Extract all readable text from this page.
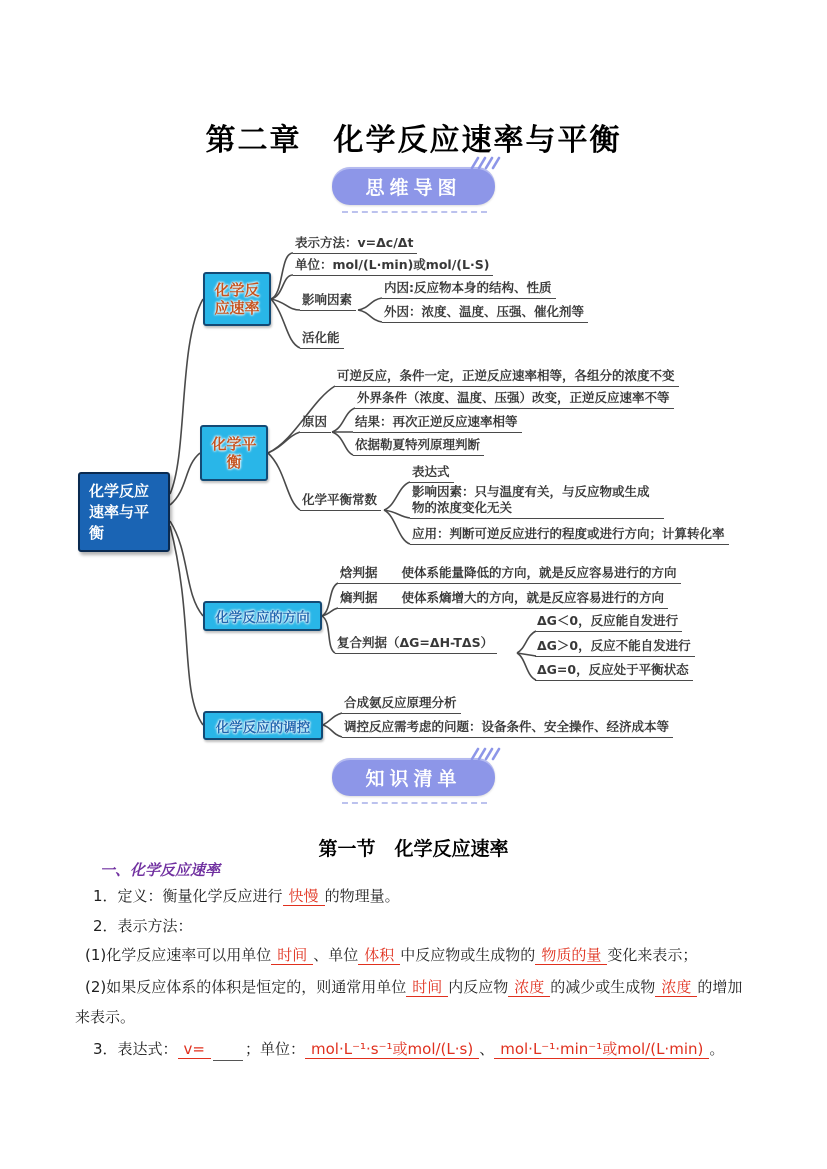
第二章　化学反应速率与平衡
思维导图
化学反应速率与平衡
化学反应速率
化学平衡
化学反应的方向
化学反应的调控
表示方法：v=Δc/Δt
单位：mol/(L·min)或mol/(L·S)
影响因素
内因:反应物本身的结构、性质
外因：浓度、温度、压强、催化剂等
活化能
可逆反应，条件一定，正逆反应速率相等，各组分的浓度不变
原因
外界条件（浓度、温度、压强）改变，正逆反应速率不等
结果：再次正逆反应速率相等
依据勒夏特列原理判断
化学平衡常数
表达式
影响因素：只与温度有关，与反应物或生成物的浓度变化无关
应用：判断可逆反应进行的程度或进行方向；计算转化率
焓判据 使体系能量降低的方向，就是反应容易进行的方向
熵判据 使体系熵增大的方向，就是反应容易进行的方向
复合判据（ΔG=ΔH-TΔS）
ΔG＜0，反应能自发进行
ΔG＞0，反应不能自发进行
ΔG=0，反应处于平衡状态
合成氨反应原理分析
调控反应需考虑的问题：设备条件、安全操作、经济成本等
知识清单
第一节　化学反应速率
一、化学反应速率
1．定义：衡量化学反应进行 快慢 的物理量。
2．表示方法：
(1)化学反应速率可以用单位 时间 、单位 体积 中反应物或生成物的 物质的量 变化来表示；
(2)如果反应体系的体积是恒定的，则通常用单位 时间 内反应物 浓度 的减少或生成物 浓度 的增加
来表示。
3．表达式： v=	；单位： mol·L⁻¹·s⁻¹或mol/(L·s) 、 mol·L⁻¹·min⁻¹或mol/(L·min) 。
